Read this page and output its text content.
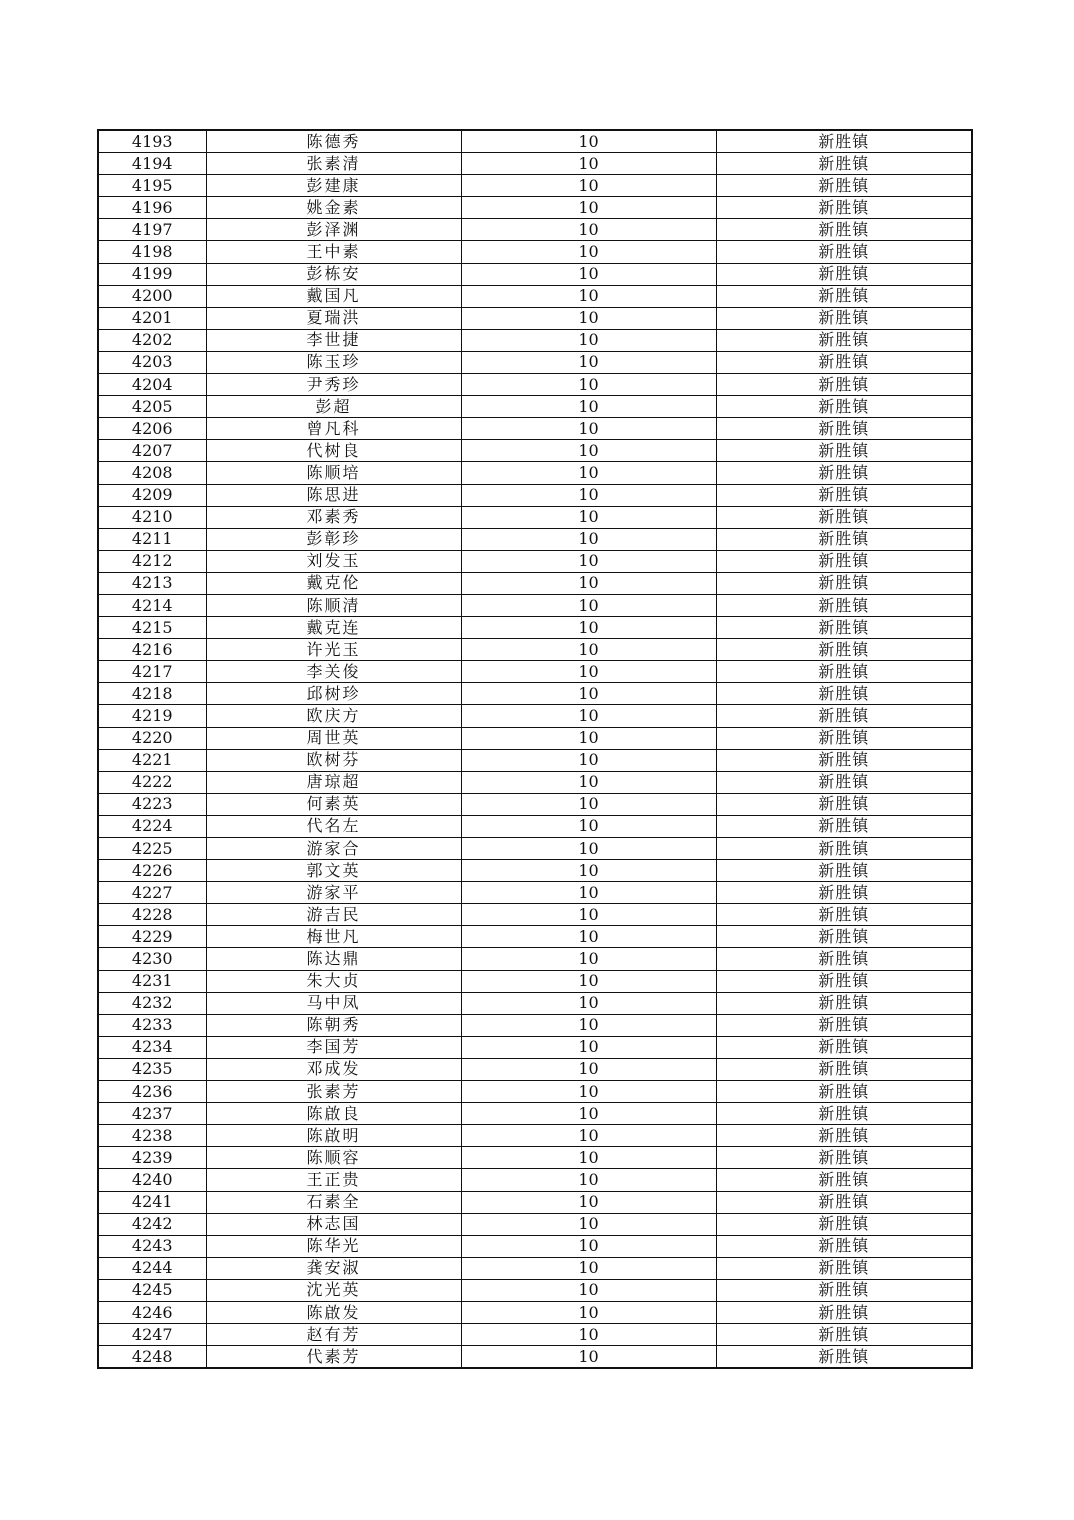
4193	陈德秀	10	新胜镇
4194	张素清	10	新胜镇
4195	彭建康	10	新胜镇
4196	姚金素	10	新胜镇
4197	彭泽渊	10	新胜镇
4198	王中素	10	新胜镇
4199	彭栋安	10	新胜镇
4200	戴国凡	10	新胜镇
4201	夏瑞洪	10	新胜镇
4202	李世捷	10	新胜镇
4203	陈玉珍	10	新胜镇
4204	尹秀珍	10	新胜镇
4205	彭超	10	新胜镇
4206	曾凡科	10	新胜镇
4207	代树良	10	新胜镇
4208	陈顺培	10	新胜镇
4209	陈思进	10	新胜镇
4210	邓素秀	10	新胜镇
4211	彭彰珍	10	新胜镇
4212	刘发玉	10	新胜镇
4213	戴克伦	10	新胜镇
4214	陈顺清	10	新胜镇
4215	戴克连	10	新胜镇
4216	许光玉	10	新胜镇
4217	李关俊	10	新胜镇
4218	邱树珍	10	新胜镇
4219	欧庆方	10	新胜镇
4220	周世英	10	新胜镇
4221	欧树芬	10	新胜镇
4222	唐琼超	10	新胜镇
4223	何素英	10	新胜镇
4224	代名左	10	新胜镇
4225	游家合	10	新胜镇
4226	郭文英	10	新胜镇
4227	游家平	10	新胜镇
4228	游吉民	10	新胜镇
4229	梅世凡	10	新胜镇
4230	陈达鼎	10	新胜镇
4231	朱大贞	10	新胜镇
4232	马中凤	10	新胜镇
4233	陈朝秀	10	新胜镇
4234	李国芳	10	新胜镇
4235	邓成发	10	新胜镇
4236	张素芳	10	新胜镇
4237	陈啟良	10	新胜镇
4238	陈啟明	10	新胜镇
4239	陈顺容	10	新胜镇
4240	王正贵	10	新胜镇
4241	石素全	10	新胜镇
4242	林志国	10	新胜镇
4243	陈华光	10	新胜镇
4244	龚安淑	10	新胜镇
4245	沈光英	10	新胜镇
4246	陈啟发	10	新胜镇
4247	赵有芳	10	新胜镇
4248	代素芳	10	新胜镇
